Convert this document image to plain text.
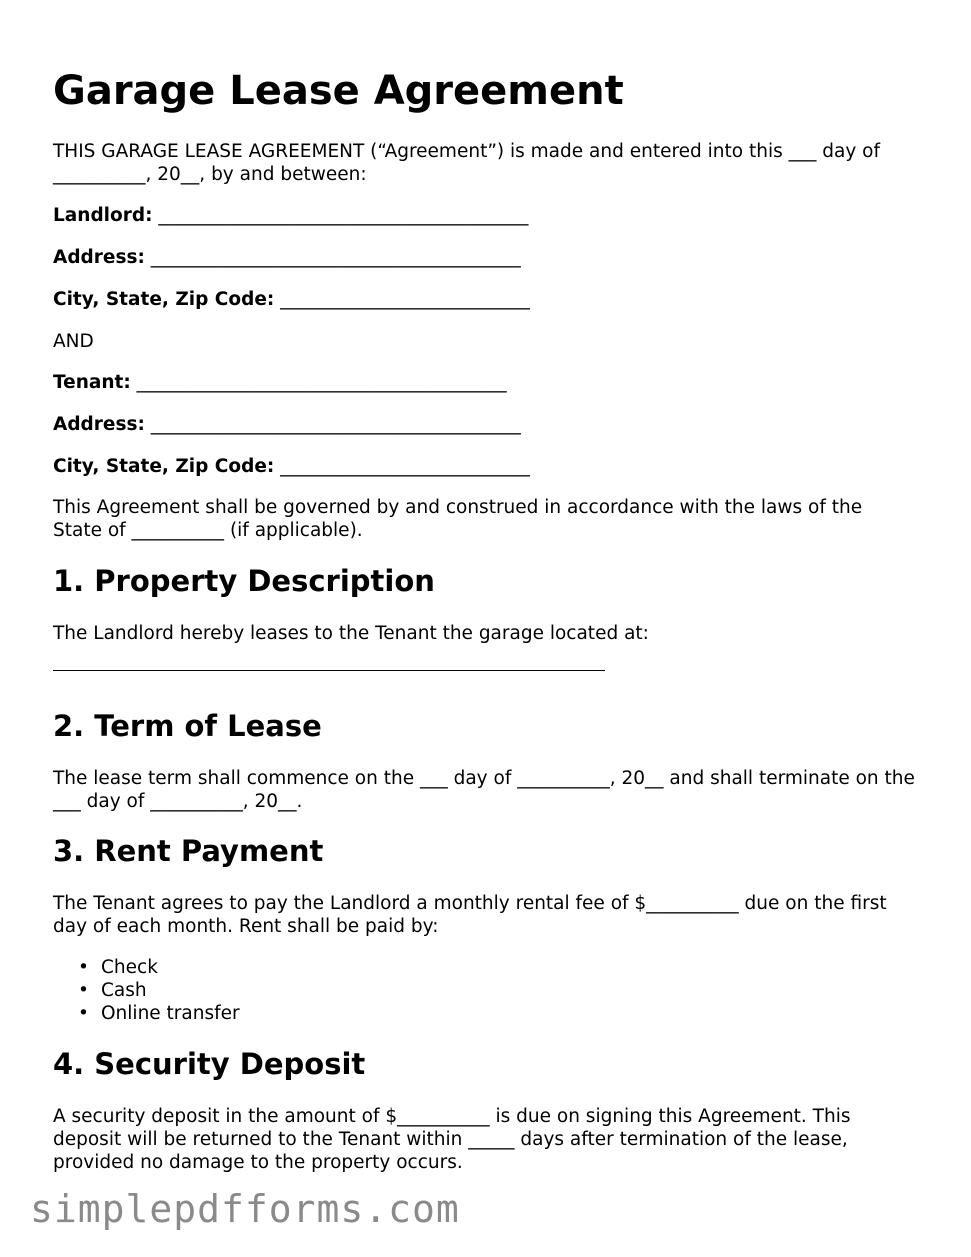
Garage Lease Agreement

THIS GARAGE LEASE AGREEMENT (“Agreement”) is made and entered into this ___ day of __________, 20__, by and between:

Landlord: ________________________________________

Address: ________________________________________

City, State, Zip Code: ___________________________

AND

Tenant: ________________________________________

Address: ________________________________________

City, State, Zip Code: ___________________________

This Agreement shall be governed by and construed in accordance with the laws of the State of __________ (if applicable).

1. Property Description

The Landlord hereby leases to the Tenant the garage located at:

2. Term of Lease

The lease term shall commence on the ___ day of __________, 20__ and shall terminate on the ___ day of __________, 20__.

3. Rent Payment

The Tenant agrees to pay the Landlord a monthly rental fee of $__________ due on the first day of each month. Rent shall be paid by:

• Check
• Cash
• Online transfer
4. Security Deposit

A security deposit in the amount of $__________ is due on signing this Agreement. This deposit will be returned to the Tenant within _____ days after termination of the lease, provided no damage to the property occurs.

simplepdfforms.com
